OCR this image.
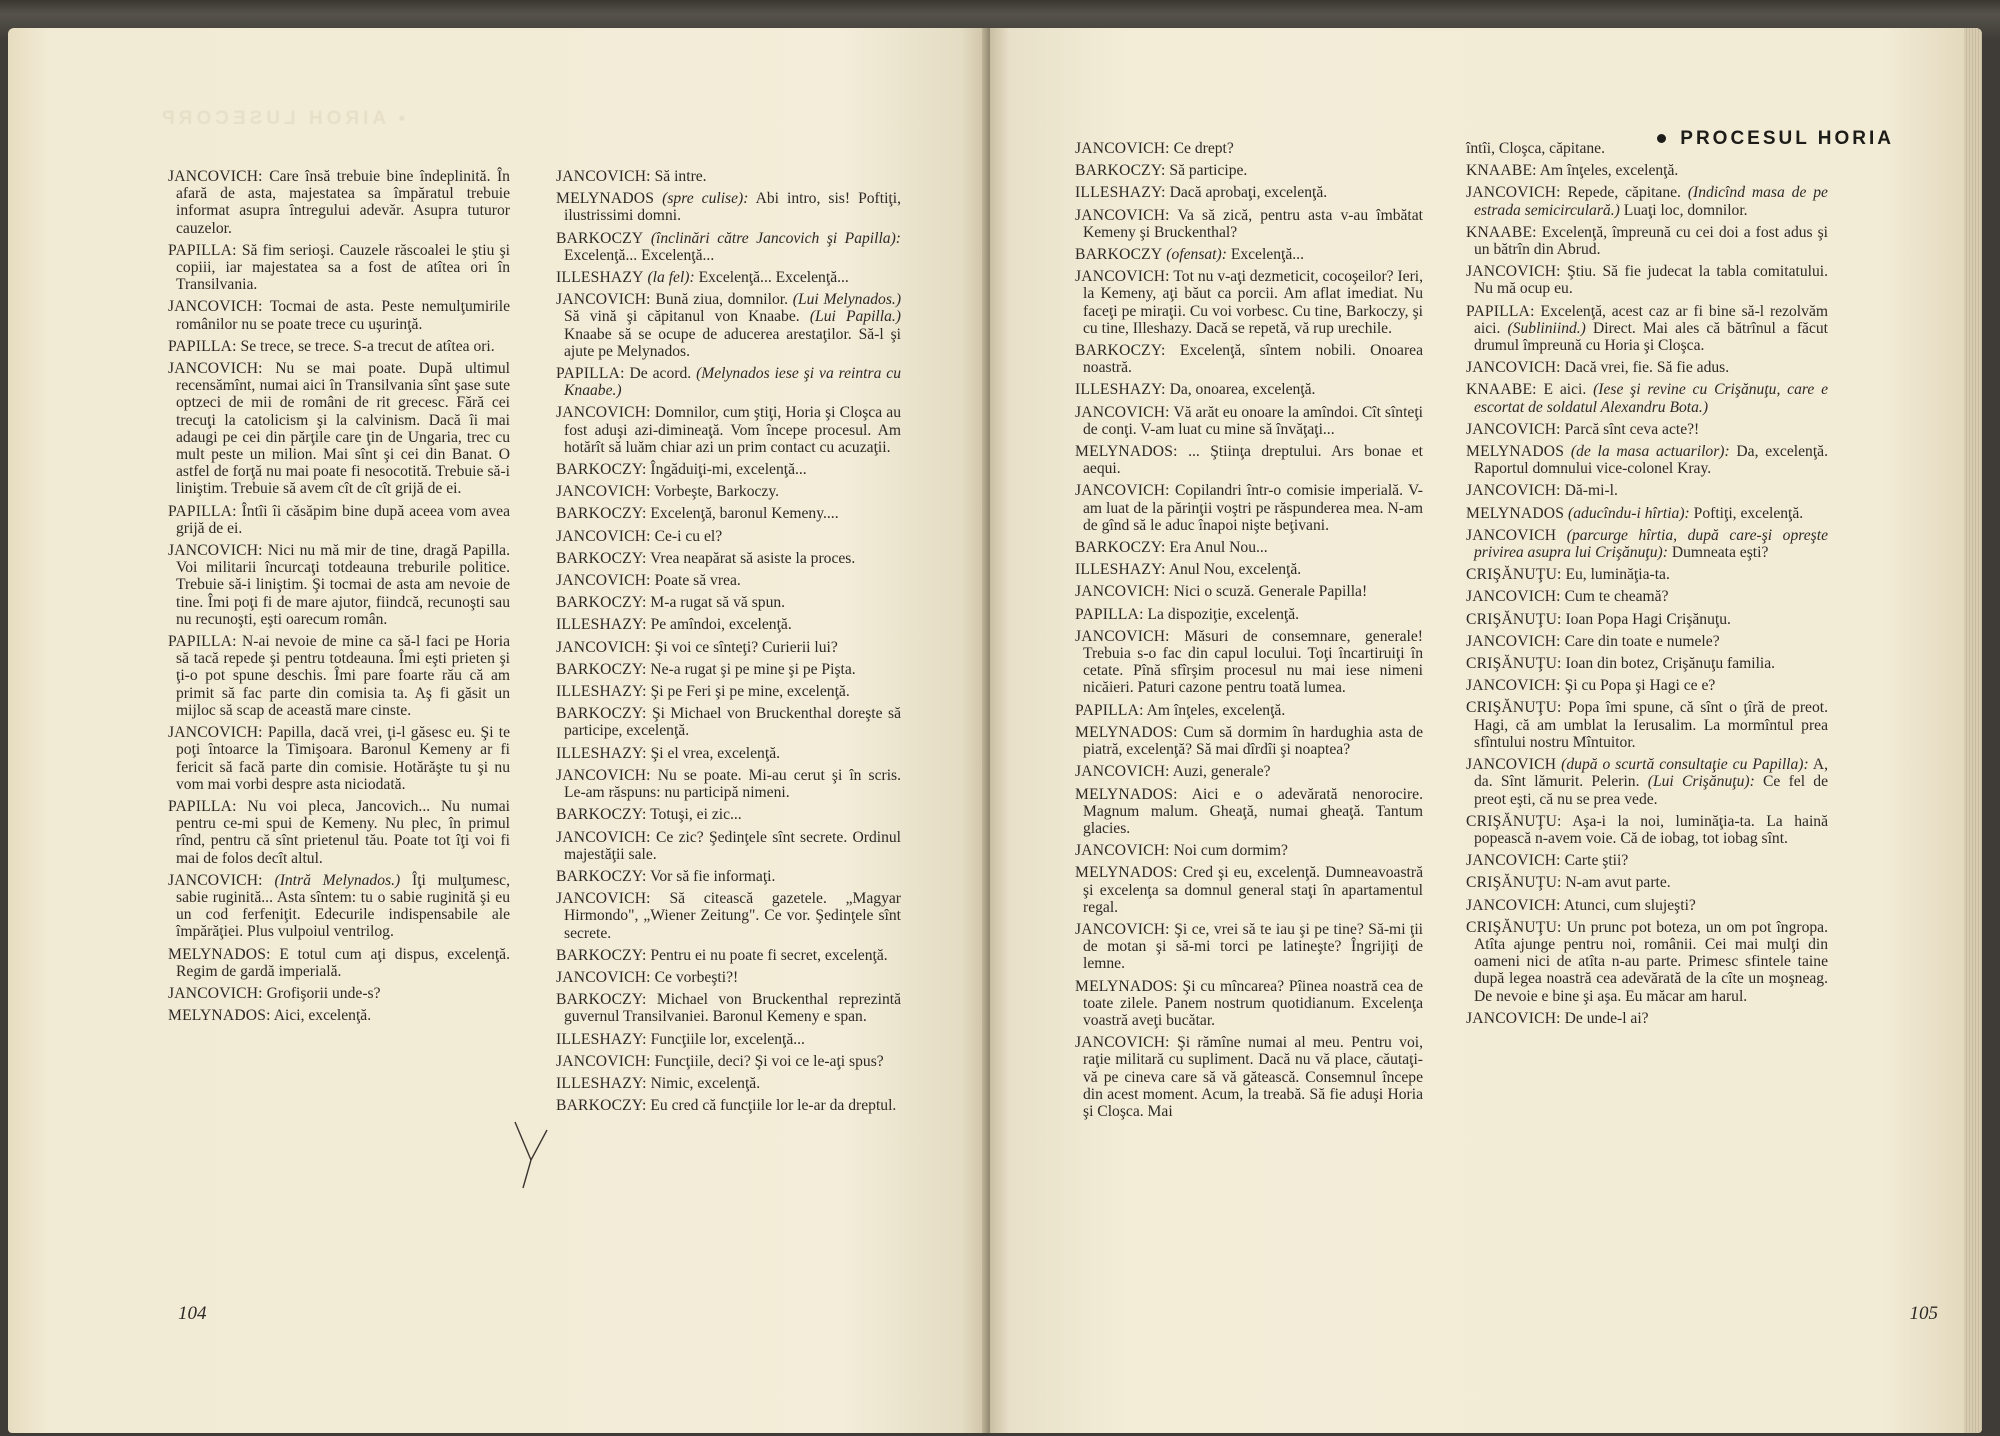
▪ AIROH LUSECORP

JANCOVICH: Care însă trebuie bine îndeplinită. În afară de asta, majestatea sa împăratul trebuie informat asupra întregului adevăr. Asupra tuturor cauzelor.

PAPILLA: Să fim serioşi. Cauzele răscoalei le ştiu şi copiii, iar majestatea sa a fost de atîtea ori în Transilvania.

JANCOVICH: Tocmai de asta. Peste nemulţumirile românilor nu se poate trece cu uşurinţă.

PAPILLA: Se trece, se trece. S-a trecut de atîtea ori.

JANCOVICH: Nu se mai poate. După ultimul recensămînt, numai aici în Transilvania sînt şase sute optzeci de mii de români de rit grecesc. Fără cei trecuţi la catolicism şi la calvinism. Dacă îi mai adaugi pe cei din părţile care ţin de Ungaria, trec cu mult peste un milion. Mai sînt şi cei din Banat. O astfel de forţă nu mai poate fi nesocotită. Trebuie să-i liniştim. Trebuie să avem cît de cît grijă de ei.

PAPILLA: Întîi îi căsăpim bine după aceea vom avea grijă de ei.

JANCOVICH: Nici nu mă mir de tine, dragă Papilla. Voi militarii încurcaţi totdeauna treburile politice. Trebuie să-i liniştim. Şi tocmai de asta am nevoie de tine. Îmi poţi fi de mare ajutor, fiindcă, recunoşti sau nu recunoşti, eşti oarecum român.

PAPILLA: N-ai nevoie de mine ca să-l faci pe Horia să tacă repede şi pentru totdeauna. Îmi eşti prieten şi ţi-o pot spune deschis. Îmi pare foarte rău că am primit să fac parte din comisia ta. Aş fi găsit un mijloc să scap de această mare cinste.

JANCOVICH: Papilla, dacă vrei, ţi-l găsesc eu. Şi te poţi întoarce la Timişoara. Baronul Kemeny ar fi fericit să facă parte din comisie. Hotărăşte tu şi nu vom mai vorbi despre asta niciodată.

PAPILLA: Nu voi pleca, Jancovich... Nu numai pentru ce-mi spui de Kemeny. Nu plec, în primul rînd, pentru că sînt prietenul tău. Poate tot îţi voi fi mai de folos decît altul.

JANCOVICH: (Intră Melynados.) Îţi mulţumesc, sabie ruginită... Asta sîntem: tu o sabie ruginită şi eu un cod ferfeniţit. Edecurile indispensabile ale împărăţiei. Plus vulpoiul ventrilog.

MELYNADOS: E totul cum aţi dispus, excelenţă. Regim de gardă imperială.

JANCOVICH: Grofişorii unde-s?

MELYNADOS: Aici, excelenţă.

JANCOVICH: Să intre.

MELYNADOS (spre culise): Abi intro, sis! Poftiţi, ilustrissimi domni.

BARKOCZY (înclinări către Jancovich şi Papilla): Excelenţă... Excelenţă...

ILLESHAZY (la fel): Excelenţă... Excelenţă...

JANCOVICH: Bună ziua, domnilor. (Lui Melynados.) Să vină şi căpitanul von Knaabe. (Lui Papilla.) Knaabe să se ocupe de aducerea arestaţilor. Să-l şi ajute pe Melynados.

PAPILLA: De acord. (Melynados iese şi va reintra cu Knaabe.)

JANCOVICH: Domnilor, cum ştiţi, Horia şi Cloşca au fost aduşi azi-dimineaţă. Vom începe procesul. Am hotărît să luăm chiar azi un prim contact cu acuzaţii.

BARKOCZY: Îngăduiţi-mi, excelenţă...

JANCOVICH: Vorbeşte, Barkoczy.

BARKOCZY: Excelenţă, baronul Kemeny....

JANCOVICH: Ce-i cu el?

BARKOCZY: Vrea neapărat să asiste la proces.

JANCOVICH: Poate să vrea.

BARKOCZY: M-a rugat să vă spun.

ILLESHAZY: Pe amîndoi, excelenţă.

JANCOVICH: Şi voi ce sînteţi? Curierii lui?

BARKOCZY: Ne-a rugat şi pe mine şi pe Pişta.

ILLESHAZY: Şi pe Feri şi pe mine, excelenţă.

BARKOCZY: Şi Michael von Bruckenthal doreşte să participe, excelenţă.

ILLESHAZY: Şi el vrea, excelenţă.

JANCOVICH: Nu se poate. Mi-au cerut şi în scris. Le-am răspuns: nu participă nimeni.

BARKOCZY: Totuşi, ei zic...

JANCOVICH: Ce zic? Şedinţele sînt secrete. Ordinul majestăţii sale.

BARKOCZY: Vor să fie informaţi.

JANCOVICH: Să citească gazetele. „Magyar Hirmondo", „Wiener Zeitung". Ce vor. Şedinţele sînt secrete.

BARKOCZY: Pentru ei nu poate fi secret, excelenţă.

JANCOVICH: Ce vorbeşti?!

BARKOCZY: Michael von Bruckenthal reprezintă guvernul Transilvaniei. Baronul Kemeny e span.

ILLESHAZY: Funcţiile lor, excelenţă...

JANCOVICH: Funcţiile, deci? Şi voi ce le-aţi spus?

ILLESHAZY: Nimic, excelenţă.

BARKOCZY: Eu cred că funcţiile lor le-ar da dreptul.

104
PROCESUL HORIA

JANCOVICH: Ce drept?

BARKOCZY: Să participe.

ILLESHAZY: Dacă aprobaţi, excelenţă.

JANCOVICH: Va să zică, pentru asta v-au îmbătat Kemeny şi Bruckenthal?

BARKOCZY (ofensat): Excelenţă...

JANCOVICH: Tot nu v-aţi dezmeticit, cocoşeilor? Ieri, la Kemeny, aţi băut ca porcii. Am aflat imediat. Nu faceţi pe miraţii. Cu voi vorbesc. Cu tine, Barkoczy, şi cu tine, Illeshazy. Dacă se repetă, vă rup urechile.

BARKOCZY: Excelenţă, sîntem nobili. Onoarea noastră.

ILLESHAZY: Da, onoarea, excelenţă.

JANCOVICH: Vă arăt eu onoare la amîndoi. Cît sînteţi de conţi. V-am luat cu mine să învăţaţi...

MELYNADOS: ... Ştiinţa dreptului. Ars bonae et aequi.

JANCOVICH: Copilandri într-o comisie imperială. V-am luat de la părinţii voştri pe răspunderea mea. N-am de gînd să le aduc înapoi nişte beţivani.

BARKOCZY: Era Anul Nou...

ILLESHAZY: Anul Nou, excelenţă.

JANCOVICH: Nici o scuză. Generale Papilla!

PAPILLA: La dispoziţie, excelenţă.

JANCOVICH: Măsuri de consemnare, generale! Trebuia s-o fac din capul locului. Toţi încartiruiţi în cetate. Pînă sfîrşim procesul nu mai iese nimeni nicăieri. Paturi cazone pentru toată lumea.

PAPILLA: Am înţeles, excelenţă.

MELYNADOS: Cum să dormim în hardughia asta de piatră, excelenţă? Să mai dîrdîi şi noaptea?

JANCOVICH: Auzi, generale?

MELYNADOS: Aici e o adevărată nenorocire. Magnum malum. Gheaţă, numai gheaţă. Tantum glacies.

JANCOVICH: Noi cum dormim?

MELYNADOS: Cred şi eu, excelenţă. Dumneavoastră şi excelenţa sa domnul general staţi în apartamentul regal.

JANCOVICH: Şi ce, vrei să te iau şi pe tine? Să-mi ţii de motan şi să-mi torci pe latineşte? Îngrijiţi de lemne.

MELYNADOS: Şi cu mîncarea? Pîinea noastră cea de toate zilele. Panem nostrum quotidianum. Excelenţa voastră aveţi bucătar.

JANCOVICH: Şi rămîne numai al meu. Pentru voi, raţie militară cu supliment. Dacă nu vă place, căutaţi-vă pe cineva care să vă gătească. Consemnul începe din acest moment. Acum, la treabă. Să fie aduşi Horia şi Cloşca. Mai

întîi, Cloşca, căpitane.

KNAABE: Am înţeles, excelenţă.

JANCOVICH: Repede, căpitane. (Indicînd masa de pe estrada semicirculară.) Luaţi loc, domnilor.

KNAABE: Excelenţă, împreună cu cei doi a fost adus şi un bătrîn din Abrud.

JANCOVICH: Ştiu. Să fie judecat la tabla comitatului. Nu mă ocup eu.

PAPILLA: Excelenţă, acest caz ar fi bine să-l rezolvăm aici. (Subliniind.) Direct. Mai ales că bătrînul a făcut drumul împreună cu Horia şi Cloşca.

JANCOVICH: Dacă vrei, fie. Să fie adus.

KNAABE: E aici. (Iese şi revine cu Crişănuţu, care e escortat de soldatul Alexandru Bota.)

JANCOVICH: Parcă sînt ceva acte?!

MELYNADOS (de la masa actuarilor): Da, excelenţă. Raportul domnului vice-colonel Kray.

JANCOVICH: Dă-mi-l.

MELYNADOS (aducîndu-i hîrtia): Poftiţi, excelenţă.

JANCOVICH (parcurge hîrtia, după care-şi opreşte privirea asupra lui Crişănuţu): Dumneata eşti?

CRIŞĂNUŢU: Eu, luminăţia-ta.

JANCOVICH: Cum te cheamă?

CRIŞĂNUŢU: Ioan Popa Hagi Crişănuţu.

JANCOVICH: Care din toate e numele?

CRIŞĂNUŢU: Ioan din botez, Crişănuţu familia.

JANCOVICH: Şi cu Popa şi Hagi ce e?

CRIŞĂNUŢU: Popa îmi spune, că sînt o ţîră de preot. Hagi, că am umblat la Ierusalim. La mormîntul prea sfîntului nostru Mîntuitor.

JANCOVICH (după o scurtă consultaţie cu Papilla): A, da. Sînt lămurit. Pelerin. (Lui Crişănuţu): Ce fel de preot eşti, că nu se prea vede.

CRIŞĂNUŢU: Aşa-i la noi, luminăţia-ta. La haină popească n-avem voie. Că de iobag, tot iobag sînt.

JANCOVICH: Carte ştii?

CRIŞĂNUŢU: N-am avut parte.

JANCOVICH: Atunci, cum slujeşti?

CRIŞĂNUŢU: Un prunc pot boteza, un om pot îngropa. Atîta ajunge pentru noi, românii. Cei mai mulţi din oameni nici de atîta n-au parte. Primesc sfintele taine după legea noastră cea adevărată de la cîte un moşneag. De nevoie e bine şi aşa. Eu măcar am harul.

JANCOVICH: De unde-l ai?

105
